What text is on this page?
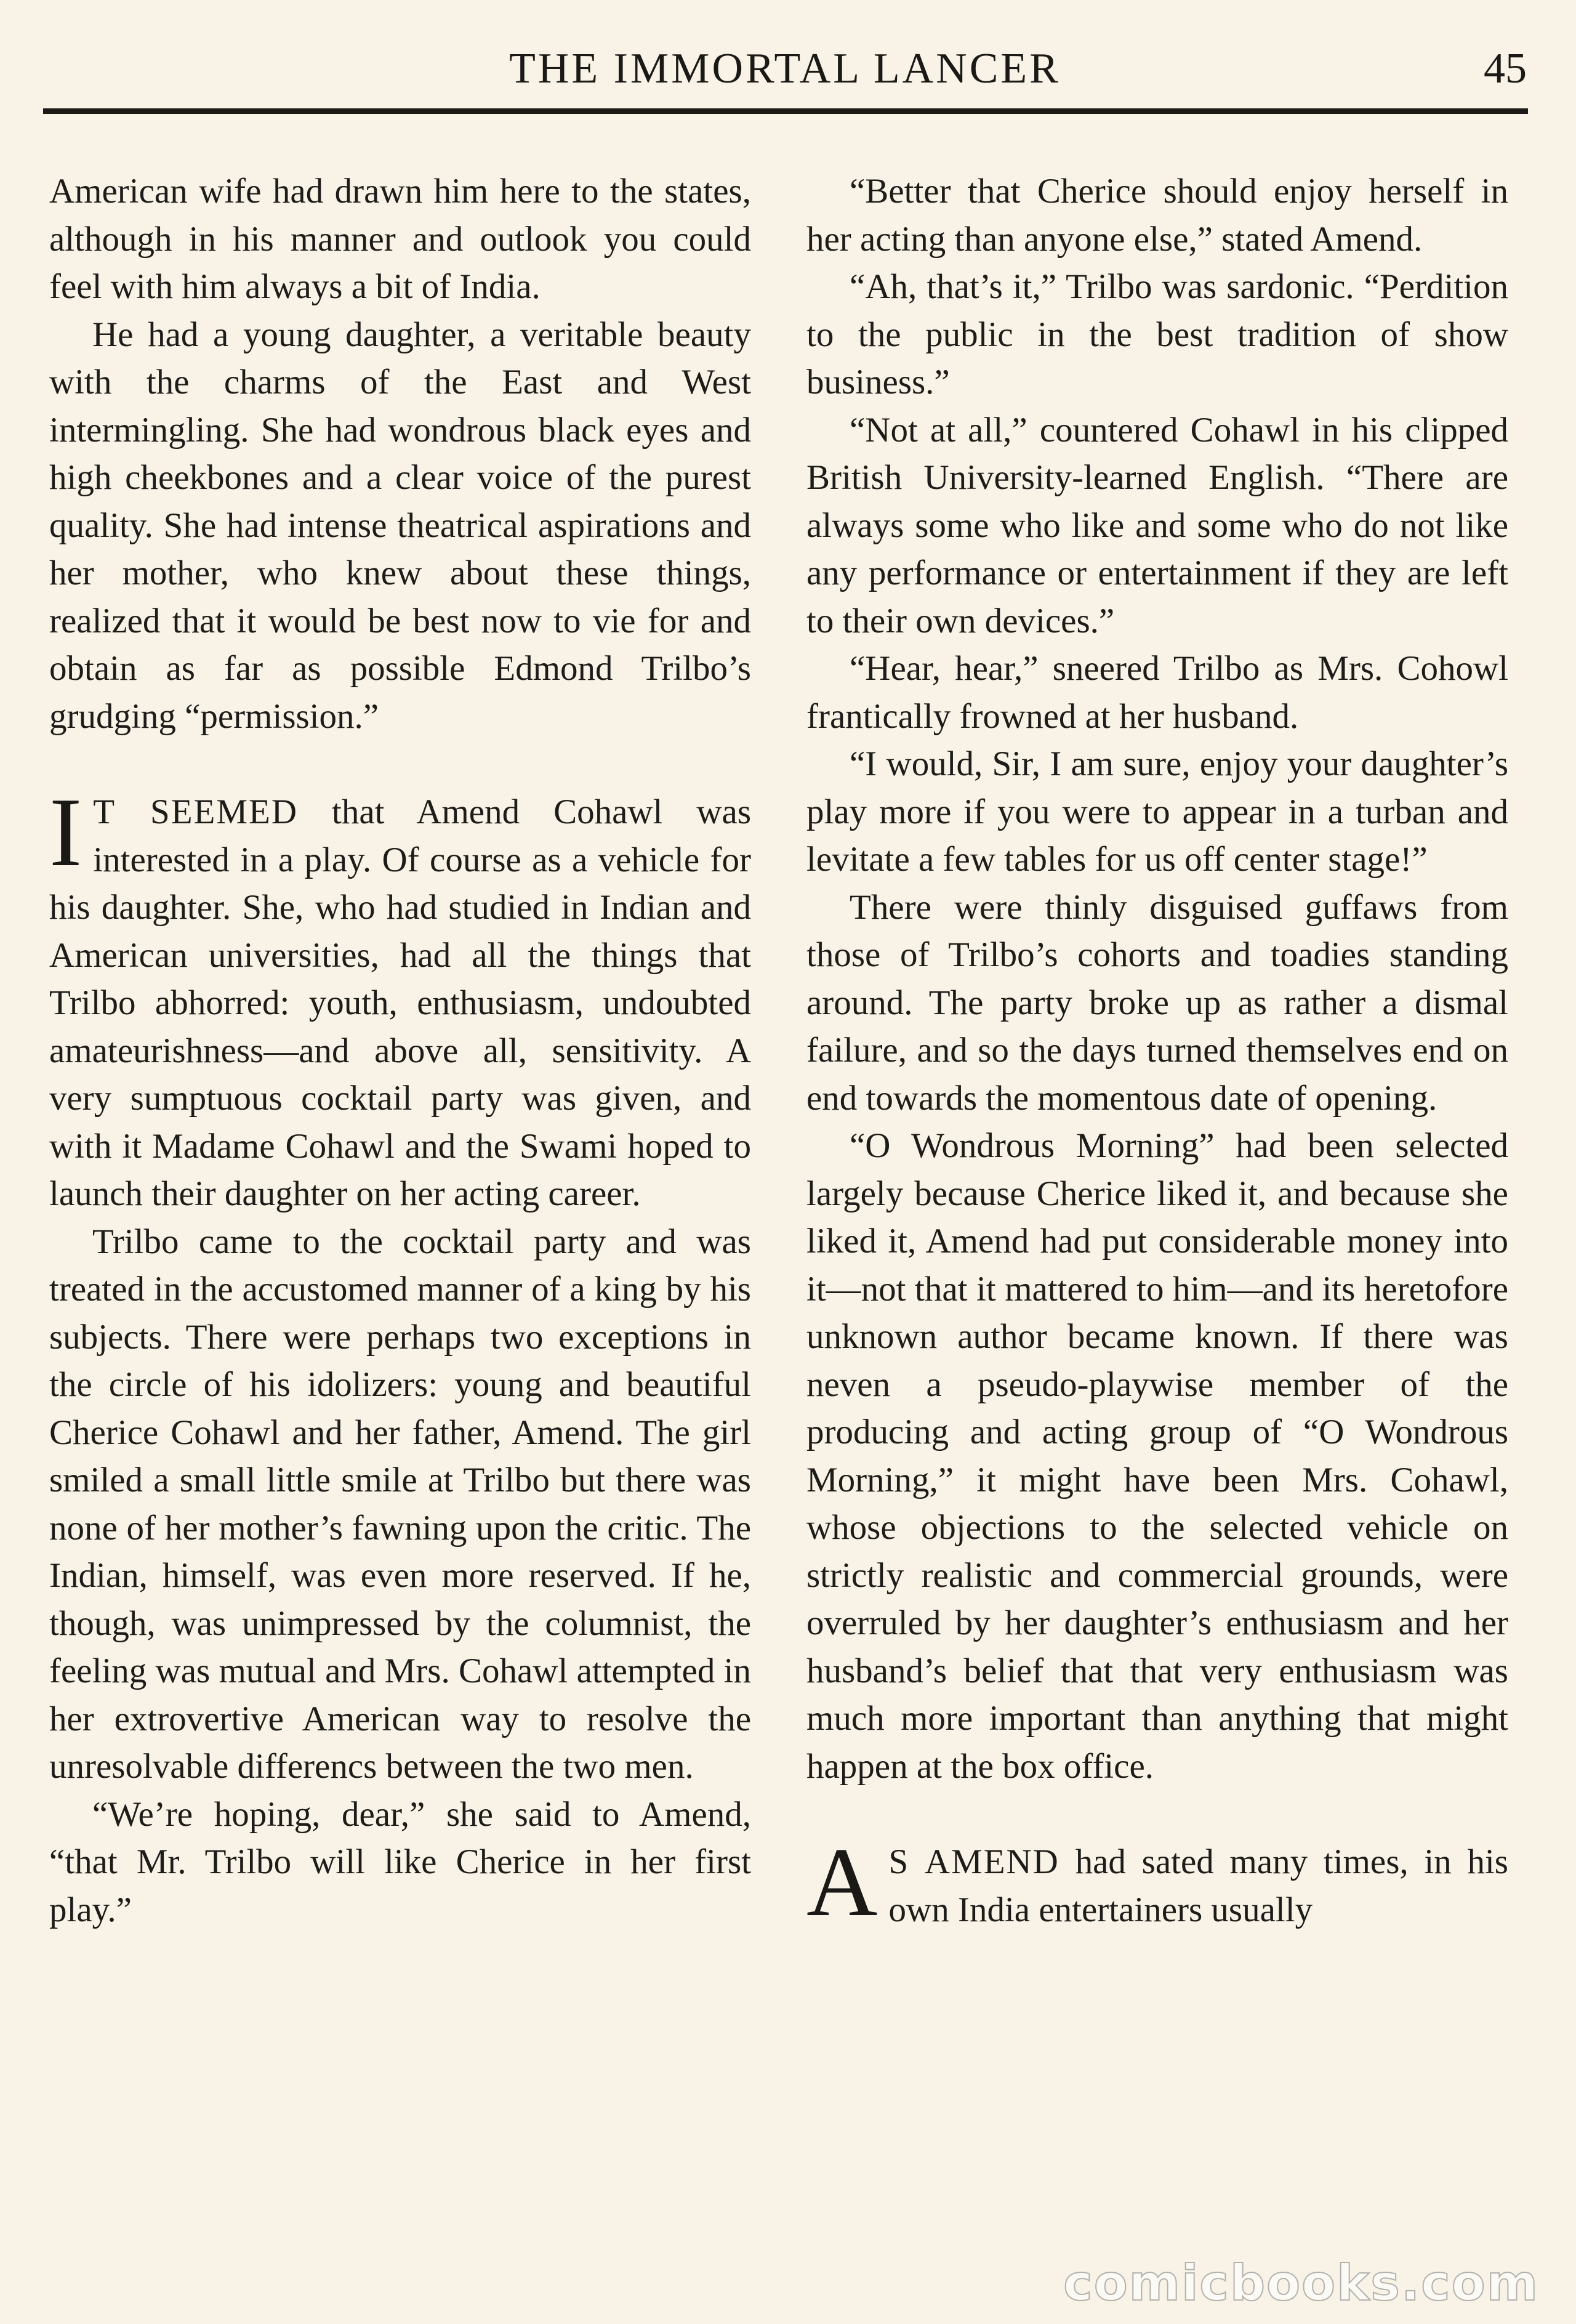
THE IMMORTAL LANCER	45

American wife had drawn him here to the states, although in his manner and outlook you could feel with him always a bit of India.

He had a young daughter, a veritable beauty with the charms of the East and West intermingling. She had wondrous black eyes and high cheekbones and a clear voice of the purest quality. She had intense theatrical aspirations and her mother, who knew about these things, realized that it would be best now to vie for and obtain as far as possible Edmond Trilbo’s grudging “permission.”

I T SEEMED that Amend Cohawl was interested in a play. Of course as a vehicle for his daughter. She, who had studied in Indian and American universities, had all the things that Trilbo abhorred: youth, enthusiasm, undoubted amateurishness—and above all, sensitivity. A very sumptuous cocktail party was given, and with it Madame Cohawl and the Swami hoped to launch their daughter on her acting career.

Trilbo came to the cocktail party and was treated in the accustomed manner of a king by his subjects. There were perhaps two exceptions in the circle of his idolizers: young and beautiful Cherice Cohawl and her father, Amend. The girl smiled a small little smile at Trilbo but there was none of her mother’s fawning upon the critic. The Indian, himself, was even more reserved. If he, though, was unimpressed by the columnist, the feeling was mutual and Mrs. Cohawl attempted in her extrovertive American way to resolve the unresolvable differencs between the two men.

“We’re hoping, dear,” she said to Amend, “that Mr. Trilbo will like Cherice in her first play.”

“Better that Cherice should enjoy herself in her acting than anyone else,” stated Amend.

“Ah, that’s it,” Trilbo was sardonic. “Perdition to the public in the best tradition of show business.”

“Not at all,” countered Cohawl in his clipped British University-learned English. “There are always some who like and some who do not like any performance or entertainment if they are left to their own devices.”

“Hear, hear,” sneered Trilbo as Mrs. Cohowl frantically frowned at her husband.

“I would, Sir, I am sure, enjoy your daughter’s play more if you were to appear in a turban and levitate a few tables for us off center stage!”

There were thinly disguised guffaws from those of Trilbo’s cohorts and toadies standing around. The party broke up as rather a dismal failure, and so the days turned themselves end on end towards the momentous date of opening.

“O Wondrous Morning” had been selected largely because Cherice liked it, and because she liked it, Amend had put considerable money into it—not that it mattered to him—and its heretofore unknown author became known. If there was neven a pseudo-playwise member of the producing and acting group of “O Wondrous Morning,” it might have been Mrs. Cohawl, whose objections to the selected vehicle on strictly realistic and commercial grounds, were overruled by her daughter’s enthusiasm and her husband’s belief that that very enthusiasm was much more important than anything that might happen at the box office.

A S AMEND had sated many times, in his own India entertainers usually

comicbooks.com
